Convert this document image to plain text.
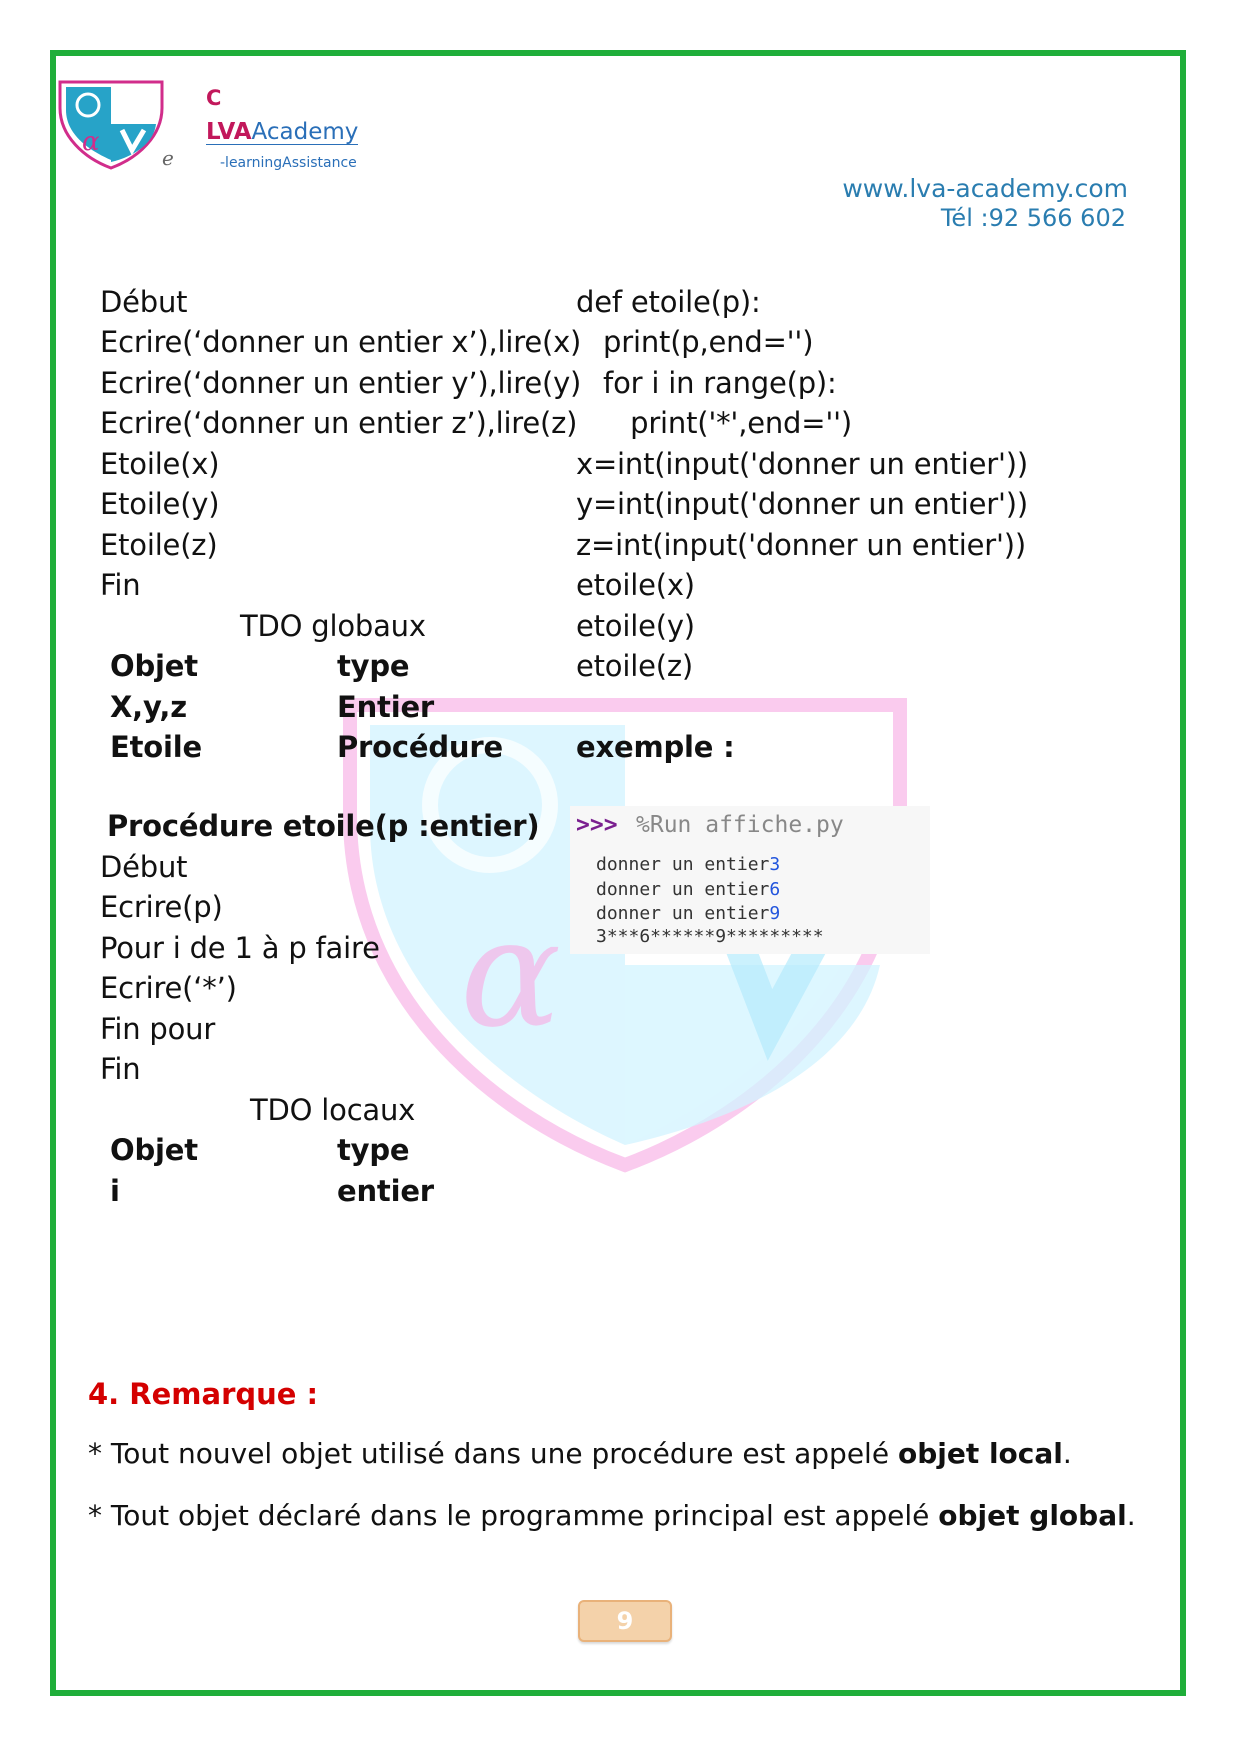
α
α
C
LVAAcademy
e	-learningAssistance
www.lva-academy.com
Tél :92 566 602
Début
Ecrire(‘donner un entier x’),lire(x)
Ecrire(‘donner un entier y’),lire(y)
Ecrire(‘donner un entier z’),lire(z)
Etoile(x)
Etoile(y)
Etoile(z)
Fin
TDO globaux
Objet	type
X,y,z	Entier
Etoile	Procédure
def etoile(p):
print(p,end='')
for i in range(p):
print('*',end='')
x=int(input('donner un entier'))
y=int(input('donner un entier'))
z=int(input('donner un entier'))
etoile(x)
etoile(y)
etoile(z)
exemple :
>>> %Run affiche.py
donner un entier3
donner un entier6
donner un entier9
3***6******9*********
Procédure etoile(p :entier)
Début
Ecrire(p)
Pour i de 1 à p faire
Ecrire(‘*’)
Fin pour
Fin
TDO locaux
Objet	type
i	entier
4. Remarque :
* Tout nouvel objet utilisé dans une procédure est appelé objet local.
* Tout objet déclaré dans le programme principal est appelé objet global.
9
